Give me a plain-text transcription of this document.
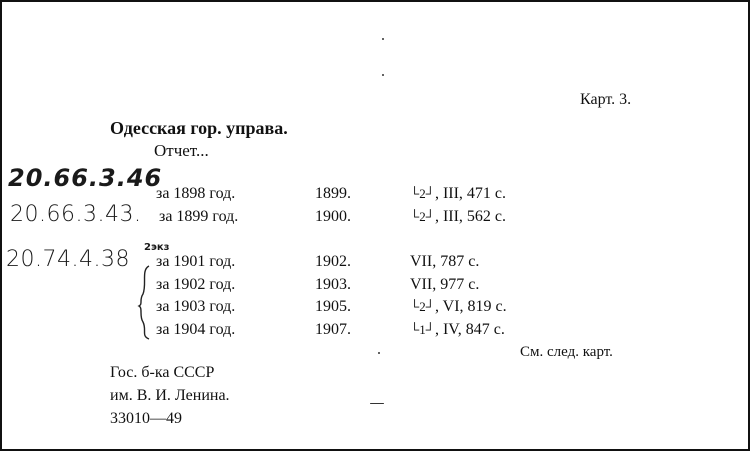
Карт. 3.
Одесская гор. управа.
Отчет...
20.66.3.46
за 1898 год.	1899.	└2┘, III, 471 с.
20.66.3.43. за 1899 год.	1900.	└2┘, III, 562 с.
20.74.4.38 2экз
за 1901 год.	1902.	VII, 787 с.
за 1902 год.	1903.	VII, 977 с.
за 1903 год.	1905.	└2┘, VI, 819 с.
за 1904 год.	1907.	└1┘, IV, 847 с.
См. след. карт.
Гос. б-ка СССР
им. В. И. Ленина.
33010—49
